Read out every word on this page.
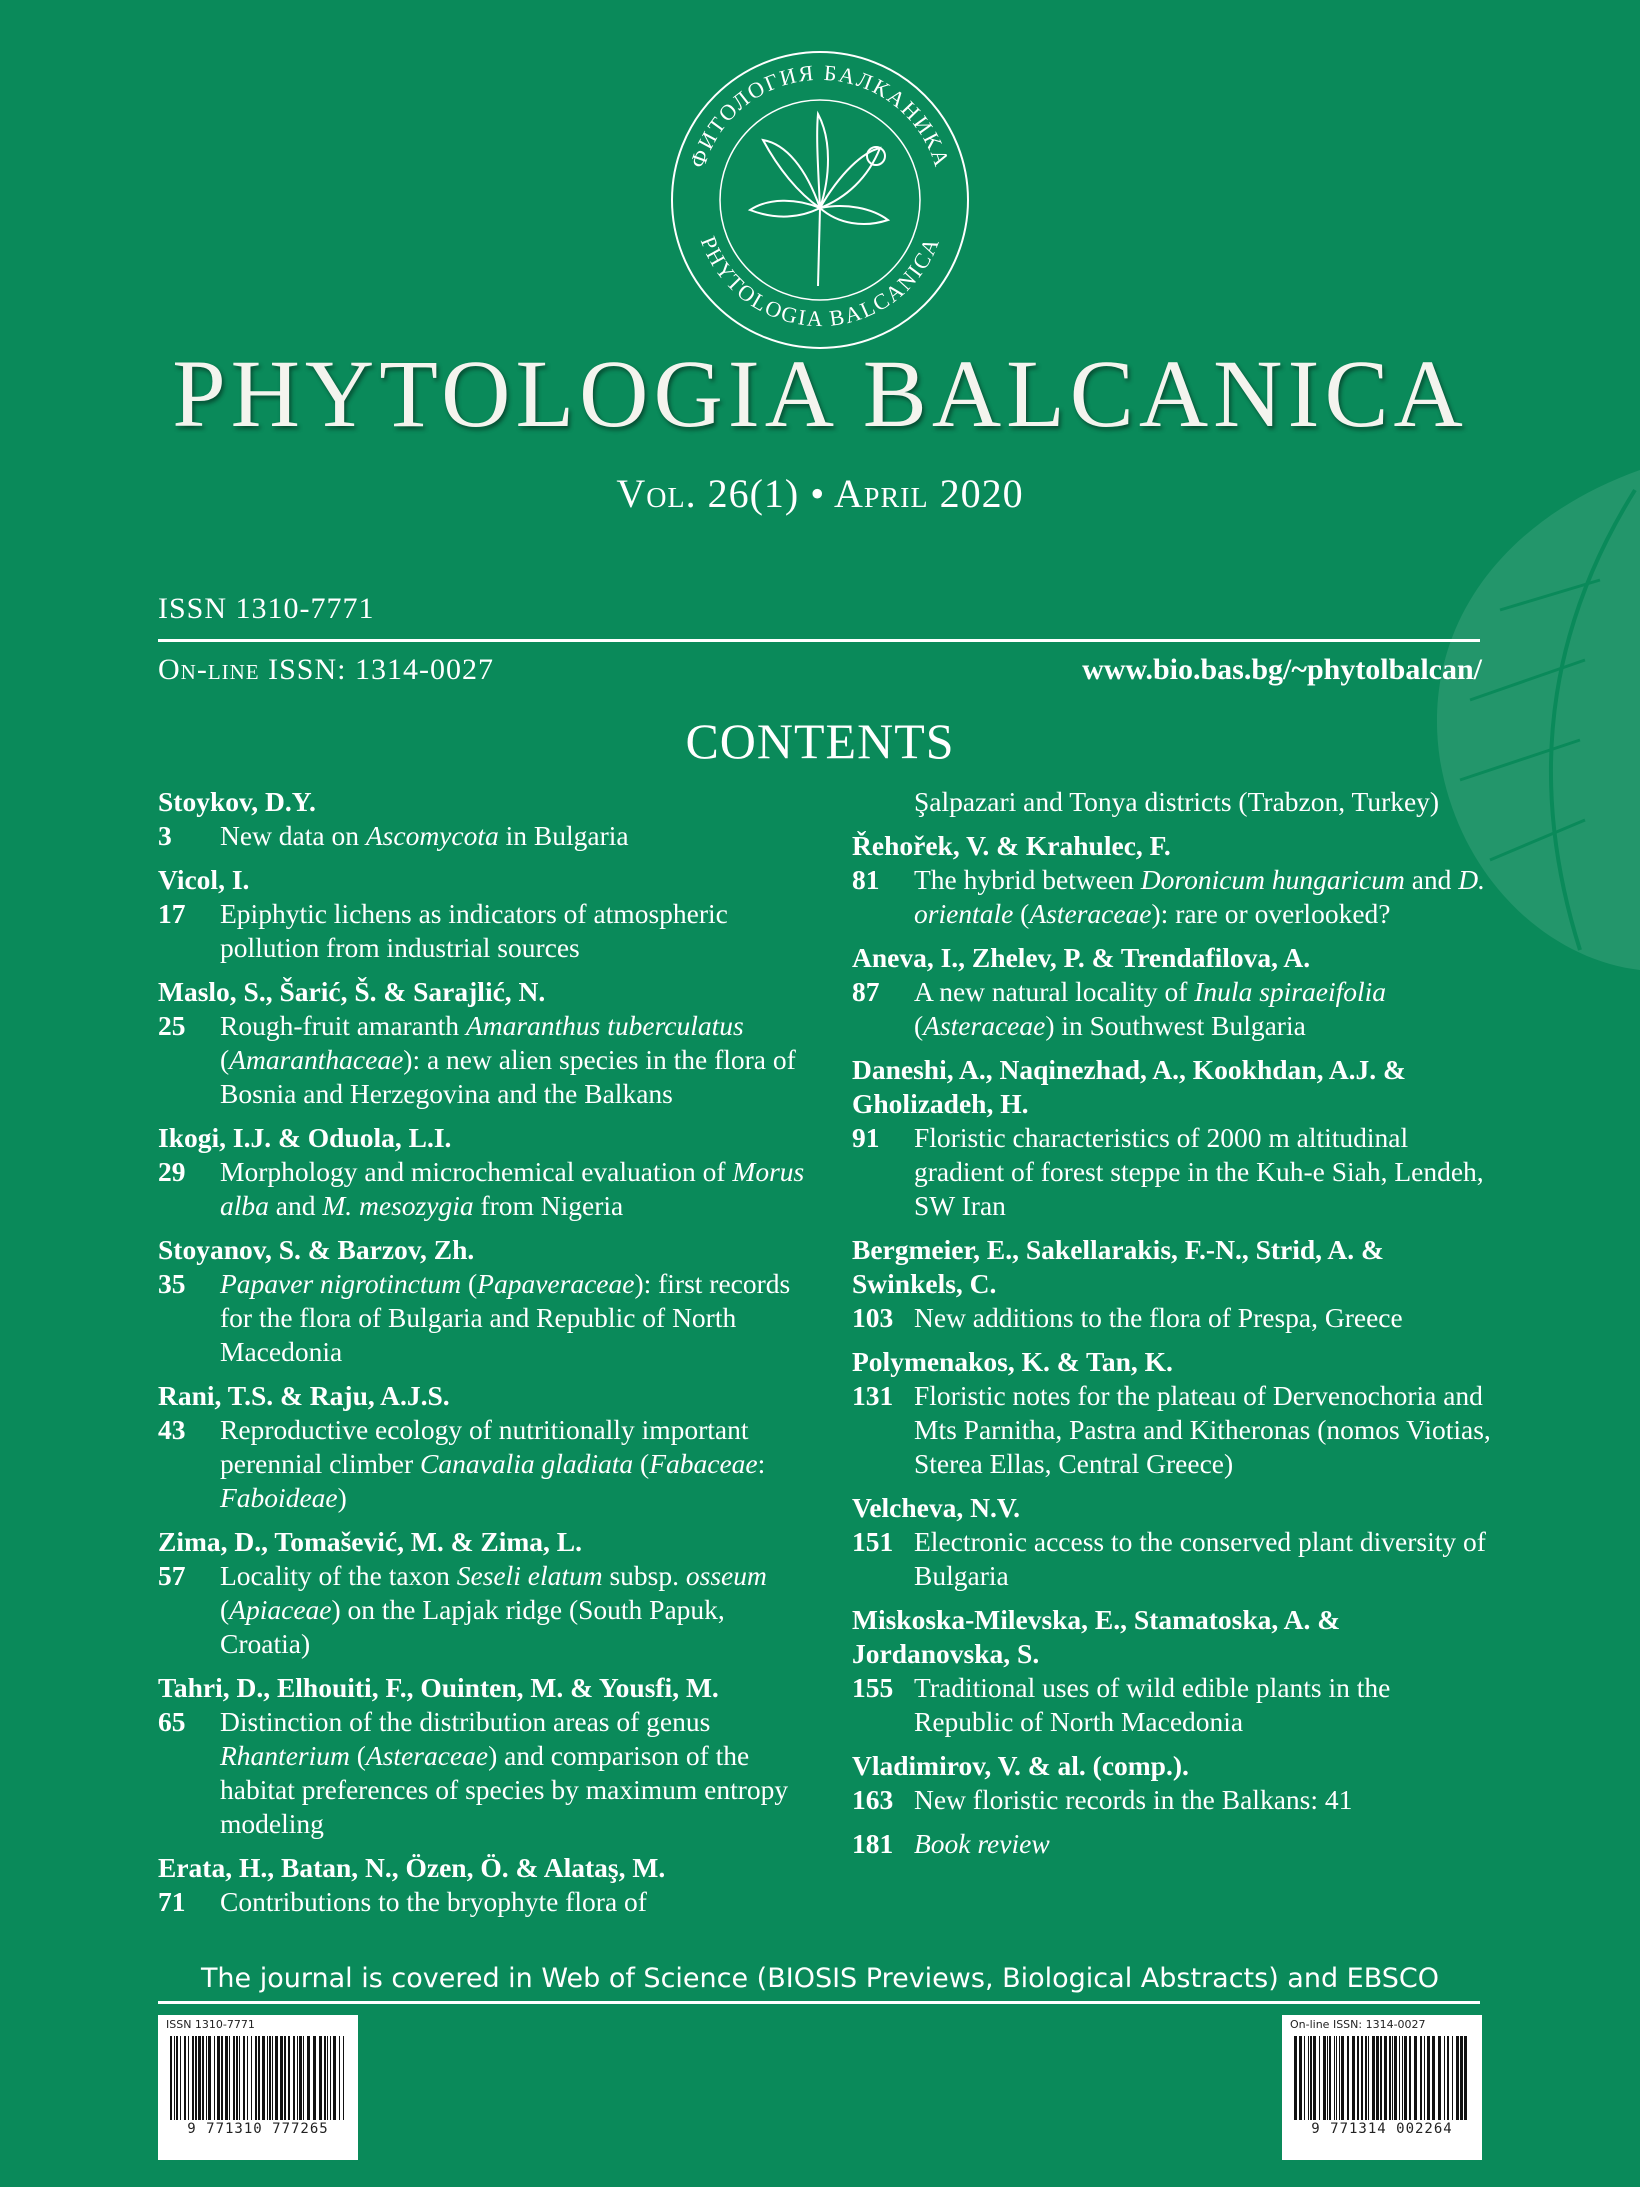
ФИТОЛОГИЯ БАЛКАНИКА
PHYTOLOGIA BALCANICA
PHYTOLOGIA BALCANICA
Vol. 26(1) • April 2020
ISSN 1310-7771
On-line ISSN: 1314-0027	www.bio.bas.bg/~phytolbalcan/
CONTENTS
Stoykov, D.Y.
3	New data on Ascomycota in Bulgaria
Vicol, I.
17	Epiphytic lichens as indicators of atmospheric pollution from industrial sources
Maslo, S., Šarić, Š. & Sarajlić, N.
25	Rough-fruit amaranth Amaranthus tuberculatus (Amaranthaceae): a new alien species in the flora of Bosnia and Herzegovina and the Balkans
Ikogi, I.J. & Oduola, L.I.
29	Morphology and microchemical evaluation of Morus alba and M. mesozygia from Nigeria
Stoyanov, S. & Barzov, Zh.
35	Papaver nigrotinctum (Papaveraceae): first records for the flora of Bulgaria and Republic of North Macedonia
Rani, T.S. & Raju, A.J.S.
43	Reproductive ecology of nutritionally important perennial climber Canavalia gladiata (Fabaceae: Faboideae)
Zima, D., Tomašević, M. & Zima, L.
57	Locality of the taxon Seseli elatum subsp. osseum (Apiaceae) on the Lapjak ridge (South Papuk, Croatia)
Tahri, D., Elhouiti, F., Ouinten, M. & Yousfi, M.
65	Distinction of the distribution areas of genus Rhanterium (Asteraceae) and comparison of the habitat preferences of species by maximum entropy modeling
Erata, H., Batan, N., Özen, Ö. & Alataş, M.
71	Contributions to the bryophyte flora of
Şalpazari and Tonya districts (Trabzon, Turkey)
Řehořek, V. & Krahulec, F.
81	The hybrid between Doronicum hungaricum and D. orientale (Asteraceae): rare or overlooked?
Aneva, I., Zhelev, P. & Trendafilova, A.
87	A new natural locality of Inula spiraeifolia (Asteraceae) in Southwest Bulgaria
Daneshi, A., Naqinezhad, A., Kookhdan, A.J. & Gholizadeh, H.
91	Floristic characteristics of 2000 m altitudinal gradient of forest steppe in the Kuh-e Siah, Lendeh, SW Iran
Bergmeier, E., Sakellarakis, F.-N., Strid, A. & Swinkels, C.
103 New additions to the flora of Prespa, Greece
Polymenakos, K. & Tan, K.
131 Floristic notes for the plateau of Dervenochoria and Mts Parnitha, Pastra and Kitheronas (nomos Viotias, Sterea Ellas, Central Greece)
Velcheva, N.V.
151 Electronic access to the conserved plant diversity of Bulgaria
Miskoska-Milevska, E., Stamatoska, A. & Jordanovska, S.
155 Traditional uses of wild edible plants in the Republic of North Macedonia
Vladimirov, V. & al. (comp.).
163 New floristic records in the Balkans: 41
181 Book review
The journal is covered in Web of Science (BIOSIS Previews, Biological Abstracts) and EBSCO
ISSN 1310-7771
9 771310 777265
On-line ISSN: 1314-0027
9 771314 002264
